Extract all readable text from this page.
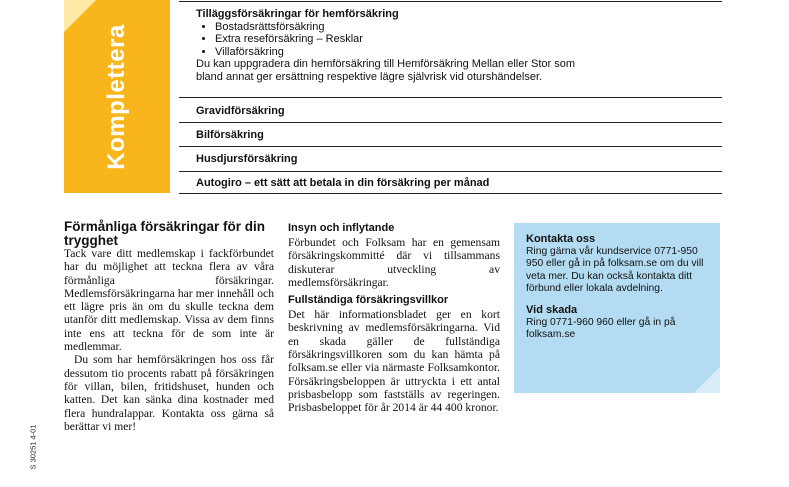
Komplettera
Tilläggsförsäkringar för hemförsäkring
• Bostadsrättsförsäkring
• Extra reseförsäkring – Resklar
• Villaförsäkring
Du kan uppgradera din hemförsäkring till Hemförsäkring Mellan eller Stor som bland annat ger ersättning respektive lägre självrisk vid oturshändelser.
Gravidförsäkring
Bilförsäkring
Husdjursförsäkring
Autogiro – ett sätt att betala in din försäkring per månad
Förmånliga försäkringar för din trygghet

Tack vare ditt medlemskap i fackförbundet har du möjlighet att teckna flera av våra förmånliga försäkringar. Medlemsförsäkringarna har mer innehåll och ett lägre pris än om du skulle teckna dem utanför ditt medlemskap. Vissa av dem finns inte ens att teckna för de som inte är medlemmar.

Du som har hemförsäkringen hos oss får dessutom tio procents rabatt på försäkringen för villan, bilen, fritidshuset, hunden och katten. Det kan sänka dina kostnader med flera hundralappar. Kontakta oss gärna så berättar vi mer!

Insyn och inflytande
Förbundet och Folksam har en gemensam försäkringskommitté där vi tillsammans diskuterar utveckling av medlemsförsäkringar.
Fullständiga försäkringsvillkor
Det här informationsbladet ger en kort beskrivning av medlemsförsäkringarna. Vid en skada gäller de fullständiga försäkringsvillkoren som du kan hämta på folksam.se eller via närmaste Folksamkontor. Försäkringsbeloppen är uttryckta i ett antal prisbasbelopp som fastställs av regeringen. Prisbasbeloppet för år 2014 är 44 400 kronor.
Kontakta oss
Ring gärna vår kundservice 0771-950 950 eller gå in på folksam.se om du vill veta mer. Du kan också kontakta ditt förbund eller lokala avdelning.
Vid skada
Ring 0771-960 960 eller gå in på folksam.se
S 30251 4-01
